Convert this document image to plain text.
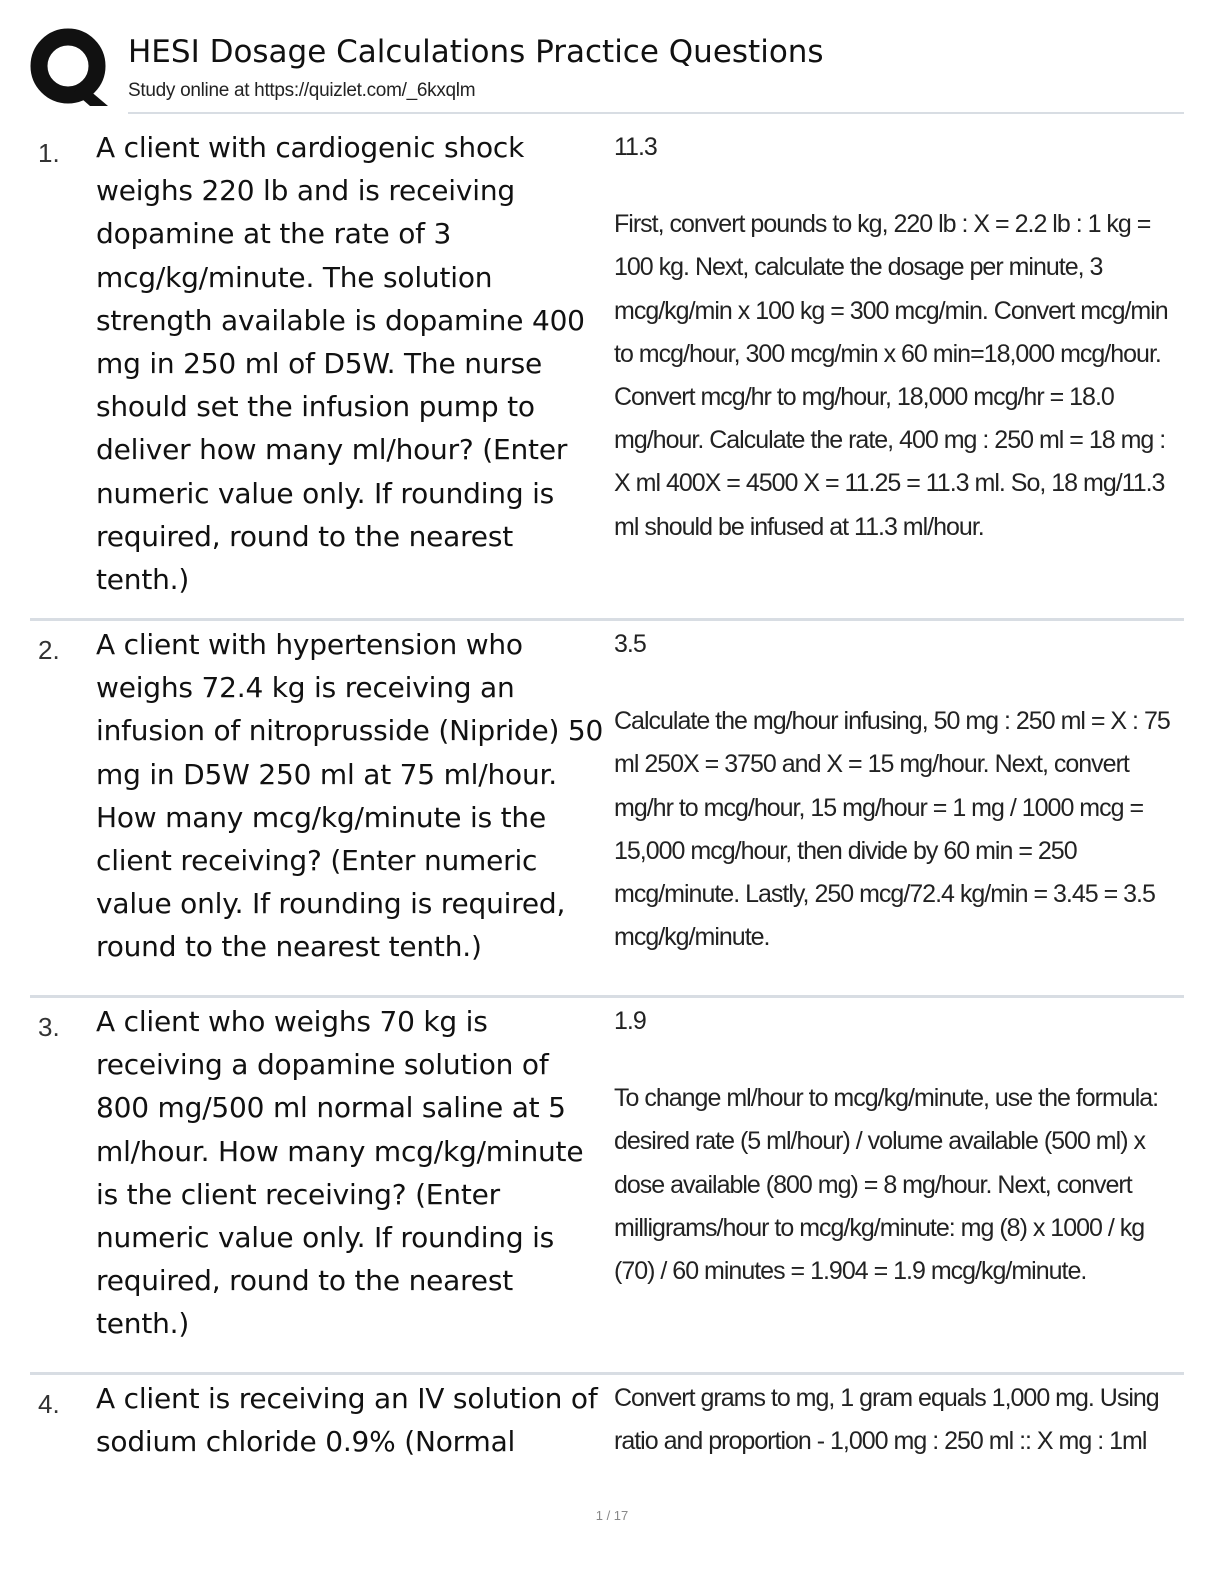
HESI Dosage Calculations Practice Questions
Study online at https://quizlet.com/_6kxqlm
1. A client with cardiogenic shock weighs 220 lb and is receiving dopamine at the rate of 3 mcg/kg/minute. The solution strength available is dopamine 400 mg in 250 ml of D5W. The nurse should set the infusion pump to deliver how many ml/hour? (Enter numeric value only. If rounding is required, round to the nearest tenth.)
11.3
First, convert pounds to kg, 220 lb : X = 2.2 lb : 1 kg = 100 kg. Next, calculate the dosage per minute, 3 mcg/kg/min x 100 kg = 300 mcg/min. Convert mcg/min to mcg/hour, 300 mcg/min x 60 min=18,000 mcg/hour. Convert mcg/hr to mg/hour, 18,000 mcg/hr = 18.0 mg/hour. Calculate the rate, 400 mg : 250 ml = 18 mg : X ml 400X = 4500 X = 11.25 = 11.3 ml. So, 18 mg/11.3 ml should be infused at 11.3 ml/hour.
2. A client with hypertension who weighs 72.4 kg is receiving an infusion of nitroprusside (Nipride) 50 mg in D5W 250 ml at 75 ml/hour. How many mcg/kg/minute is the client receiving? (Enter numeric value only. If rounding is required, round to the nearest tenth.)
3.5
Calculate the mg/hour infusing, 50 mg : 250 ml = X : 75 ml 250X = 3750 and X = 15 mg/hour. Next, convert mg/hr to mcg/hour, 15 mg/hour = 1 mg / 1000 mcg = 15,000 mcg/hour, then divide by 60 min = 250 mcg/minute. Lastly, 250 mcg/72.4 kg/min = 3.45 = 3.5 mcg/kg/minute.
3. A client who weighs 70 kg is receiving a dopamine solution of 800 mg/500 ml normal saline at 5 ml/hour. How many mcg/kg/minute is the client receiving? (Enter numeric value only. If rounding is required, round to the nearest tenth.)
1.9
To change ml/hour to mcg/kg/minute, use the formula: desired rate (5 ml/hour) / volume available (500 ml) x dose available (800 mg) = 8 mg/hour. Next, convert milligrams/hour to mcg/kg/minute: mg (8) x 1000 / kg (70) / 60 minutes = 1.904 = 1.9 mcg/kg/minute.
4. A client is receiving an IV solution of sodium chloride 0.9% (Normal
Convert grams to mg, 1 gram equals 1,000 mg. Using ratio and proportion - 1,000 mg : 250 ml :: X mg : 1ml
1 / 17
